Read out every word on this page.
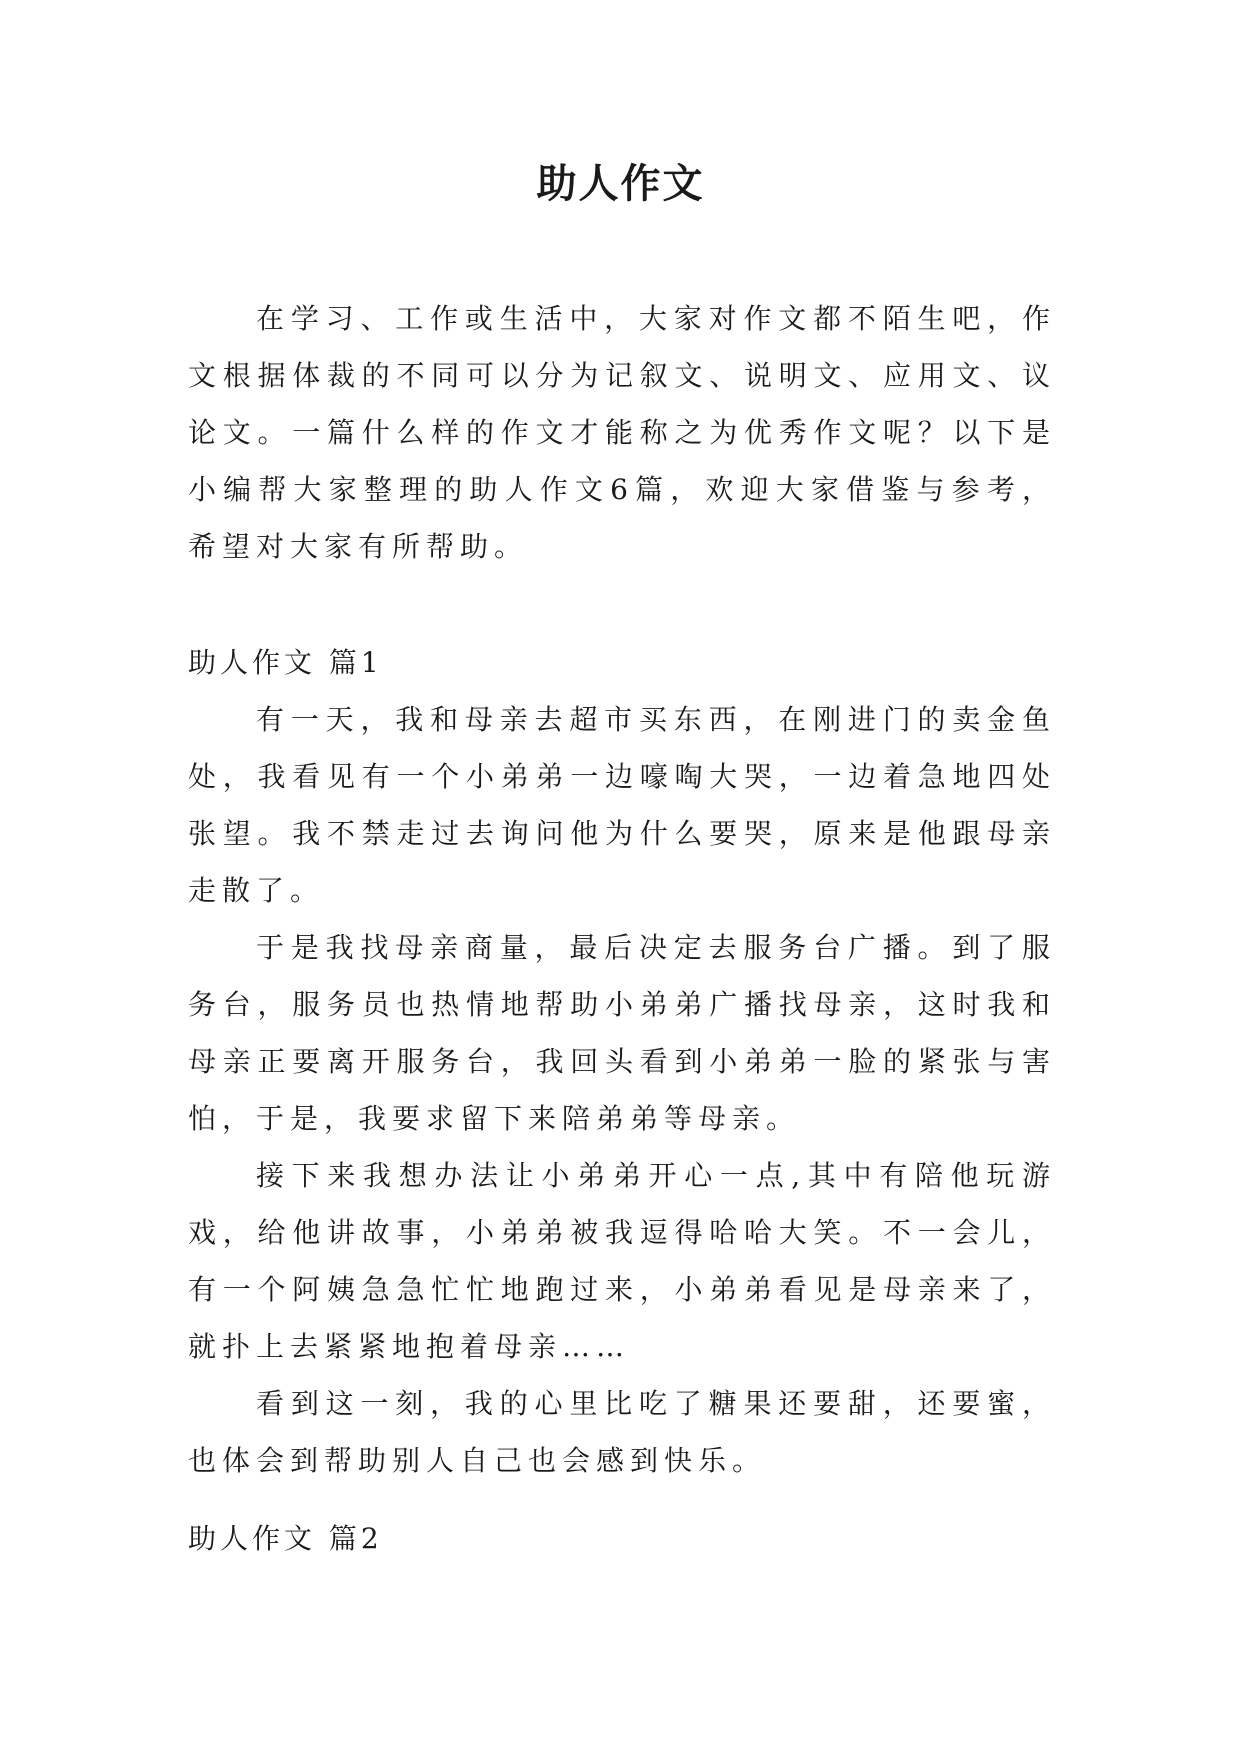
助人作文

在学习、工作或生活中，大家对作文都不陌生吧，作文根据体裁的不同可以分为记叙文、说明文、应用文、议论文。一篇什么样的作文才能称之为优秀作文呢？以下是小编帮大家整理的助人作文6篇，欢迎大家借鉴与参考，希望对大家有所帮助。

助人作文 篇1

有一天，我和母亲去超市买东西，在刚进门的卖金鱼处，我看见有一个小弟弟一边嚎啕大哭，一边着急地四处张望。我不禁走过去询问他为什么要哭，原来是他跟母亲走散了。

于是我找母亲商量，最后决定去服务台广播。到了服务台，服务员也热情地帮助小弟弟广播找母亲，这时我和母亲正要离开服务台，我回头看到小弟弟一脸的紧张与害怕，于是，我要求留下来陪弟弟等母亲。

接下来我想办法让小弟弟开心一点,其中有陪他玩游戏，给他讲故事，小弟弟被我逗得哈哈大笑。不一会儿，有一个阿姨急急忙忙地跑过来，小弟弟看见是母亲来了，就扑上去紧紧地抱着母亲……

看到这一刻，我的心里比吃了糖果还要甜，还要蜜，也体会到帮助别人自己也会感到快乐。

助人作文 篇2
